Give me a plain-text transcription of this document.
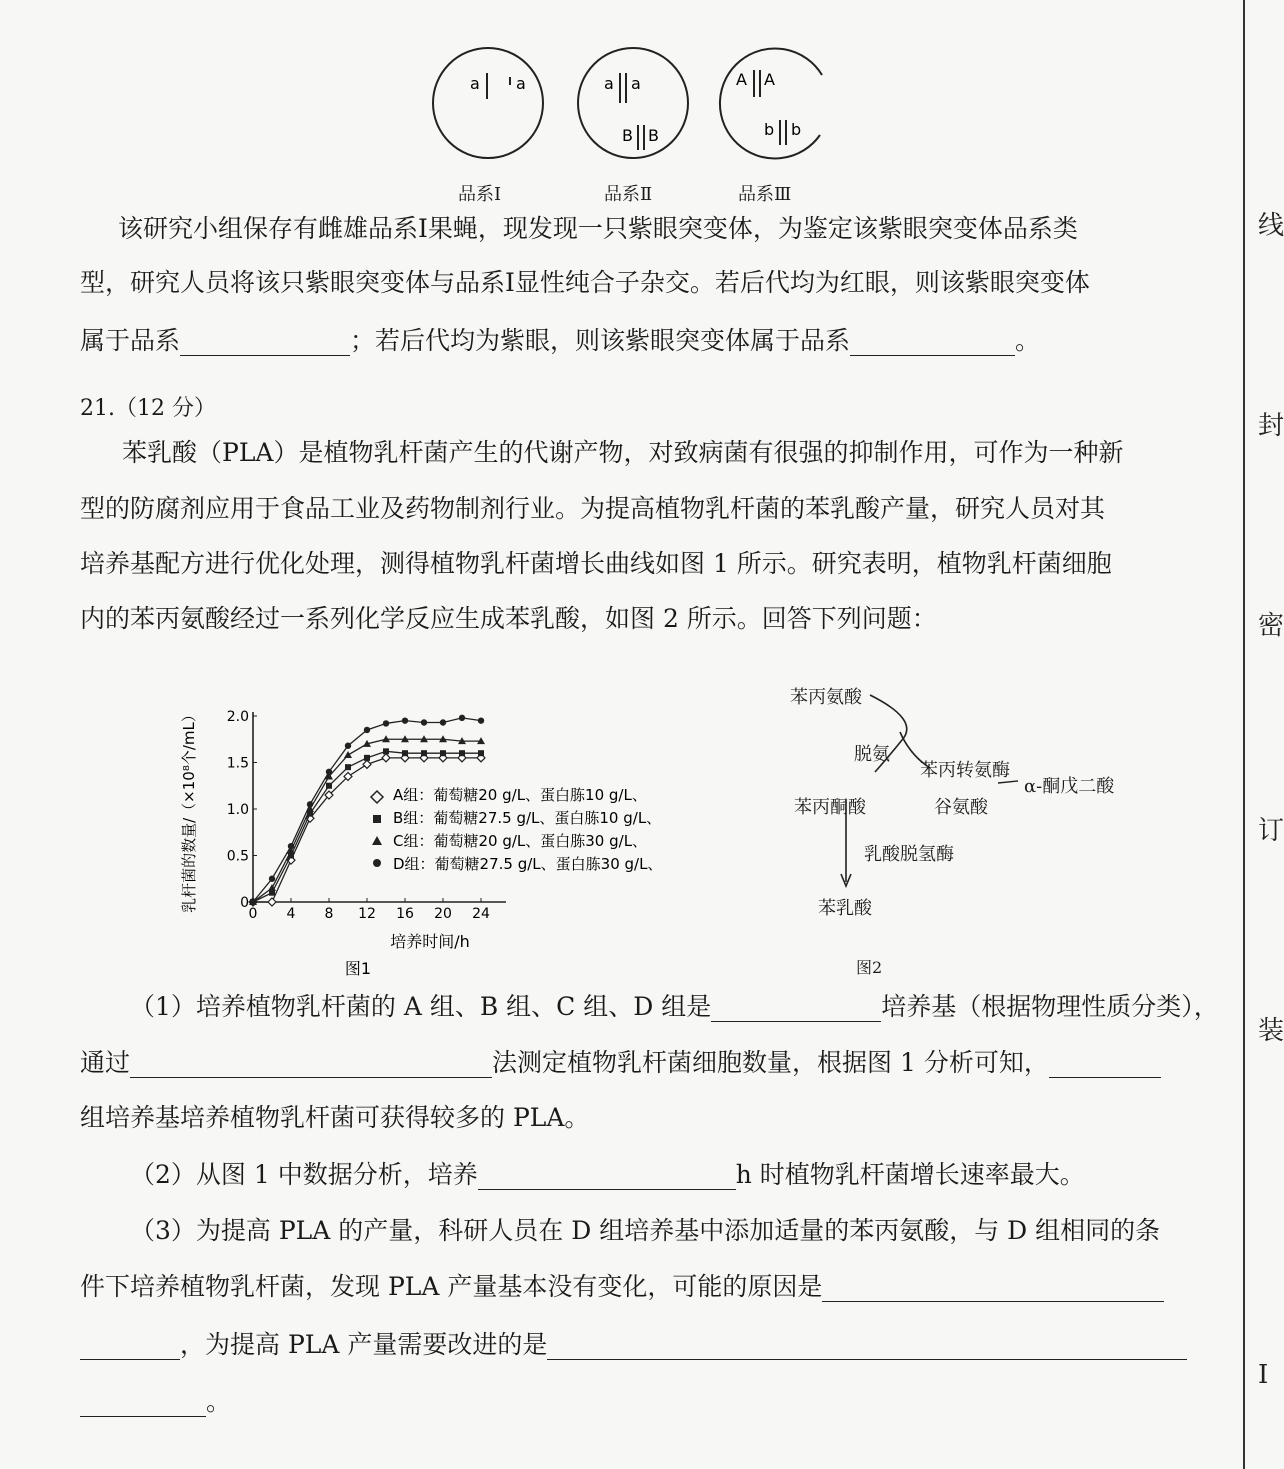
a a	a a
B B
A A
b b
品系Ⅰ	品系Ⅱ	品系Ⅲ
该研究小组保存有雌雄品系Ⅰ果蝇，现发现一只紫眼突变体，为鉴定该紫眼突变体品系类
型，研究人员将该只紫眼突变体与品系Ⅰ显性纯合子杂交。若后代均为红眼，则该紫眼突变体
属于品系	；若后代均为紫眼，则该紫眼突变体属于品系	。
21.（12 分）
苯乳酸（PLA）是植物乳杆菌产生的代谢产物，对致病菌有很强的抑制作用，可作为一种新
型的防腐剂应用于食品工业及药物制剂行业。为提高植物乳杆菌的苯乳酸产量，研究人员对其
培养基配方进行优化处理，测得植物乳杆菌增长曲线如图 1 所示。研究表明，植物乳杆菌细胞
内的苯丙氨酸经过一系列化学反应生成苯乳酸，如图 2 所示。回答下列问题：
0 4 8 12 16 20 24
0
0.5
1.0
1.5
2.0
乳杆菌的数量/（×10⁸个/mL）
培养时间/h
图1
A组：葡萄糖20 g/L、蛋白胨10 g/L、
B组：葡萄糖27.5 g/L、蛋白胨10 g/L、
C组：葡萄糖20 g/L、蛋白胨30 g/L、
D组：葡萄糖27.5 g/L、蛋白胨30 g/L、
苯丙氨酸
脱氨
苯丙转氨酶
α-酮戊二酸
苯丙酮酸	谷氨酸
乳酸脱氢酶
苯乳酸
图2
（1）培养植物乳杆菌的 A 组、B 组、C 组、D 组是	培养基（根据物理性质分类），
通过	法测定植物乳杆菌细胞数量，根据图 1 分析可知，
组培养基培养植物乳杆菌可获得较多的 PLA。
（2）从图 1 中数据分析，培养	h 时植物乳杆菌增长速率最大。
（3）为提高 PLA 的产量，科研人员在 D 组培养基中添加适量的苯丙氨酸，与 D 组相同的条
件下培养植物乳杆菌，发现 PLA 产量基本没有变化，可能的原因是
，为提高 PLA 产量需要改进的是
。
线
封
密
订
装
I
